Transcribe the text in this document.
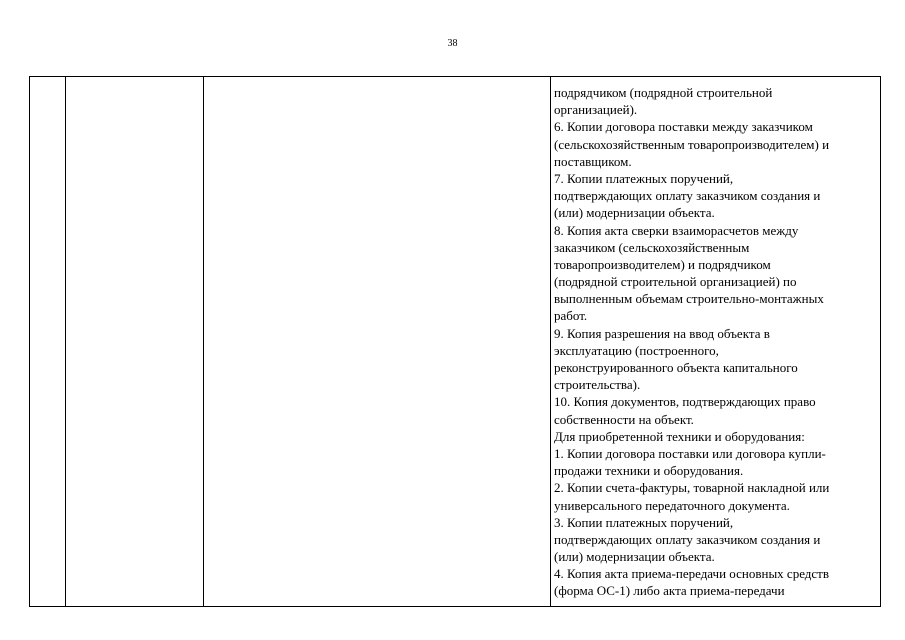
38

подрядчиком (подрядной строительной
организацией).
6. Копии договора поставки между заказчиком
(сельскохозяйственным товаропроизводителем) и
поставщиком.
7. Копии платежных поручений,
подтверждающих оплату заказчиком создания и
(или) модернизации объекта.
8. Копия акта сверки взаиморасчетов между
заказчиком (сельскохозяйственным
товаропроизводителем) и подрядчиком
(подрядной строительной организацией) по
выполненным объемам строительно-монтажных
работ.
9. Копия разрешения на ввод объекта в
эксплуатацию (построенного,
реконструированного объекта капитального
строительства).
10. Копия документов, подтверждающих право
собственности на объект.
Для приобретенной техники и оборудования:
1. Копии договора поставки или договора купли-
продажи техники и оборудования.
2. Копии счета-фактуры, товарной накладной или
универсального передаточного документа.
3. Копии платежных поручений,
подтверждающих оплату заказчиком создания и
(или) модернизации объекта.
4. Копия акта приема-передачи основных средств
(форма ОС-1) либо акта приема-передачи
